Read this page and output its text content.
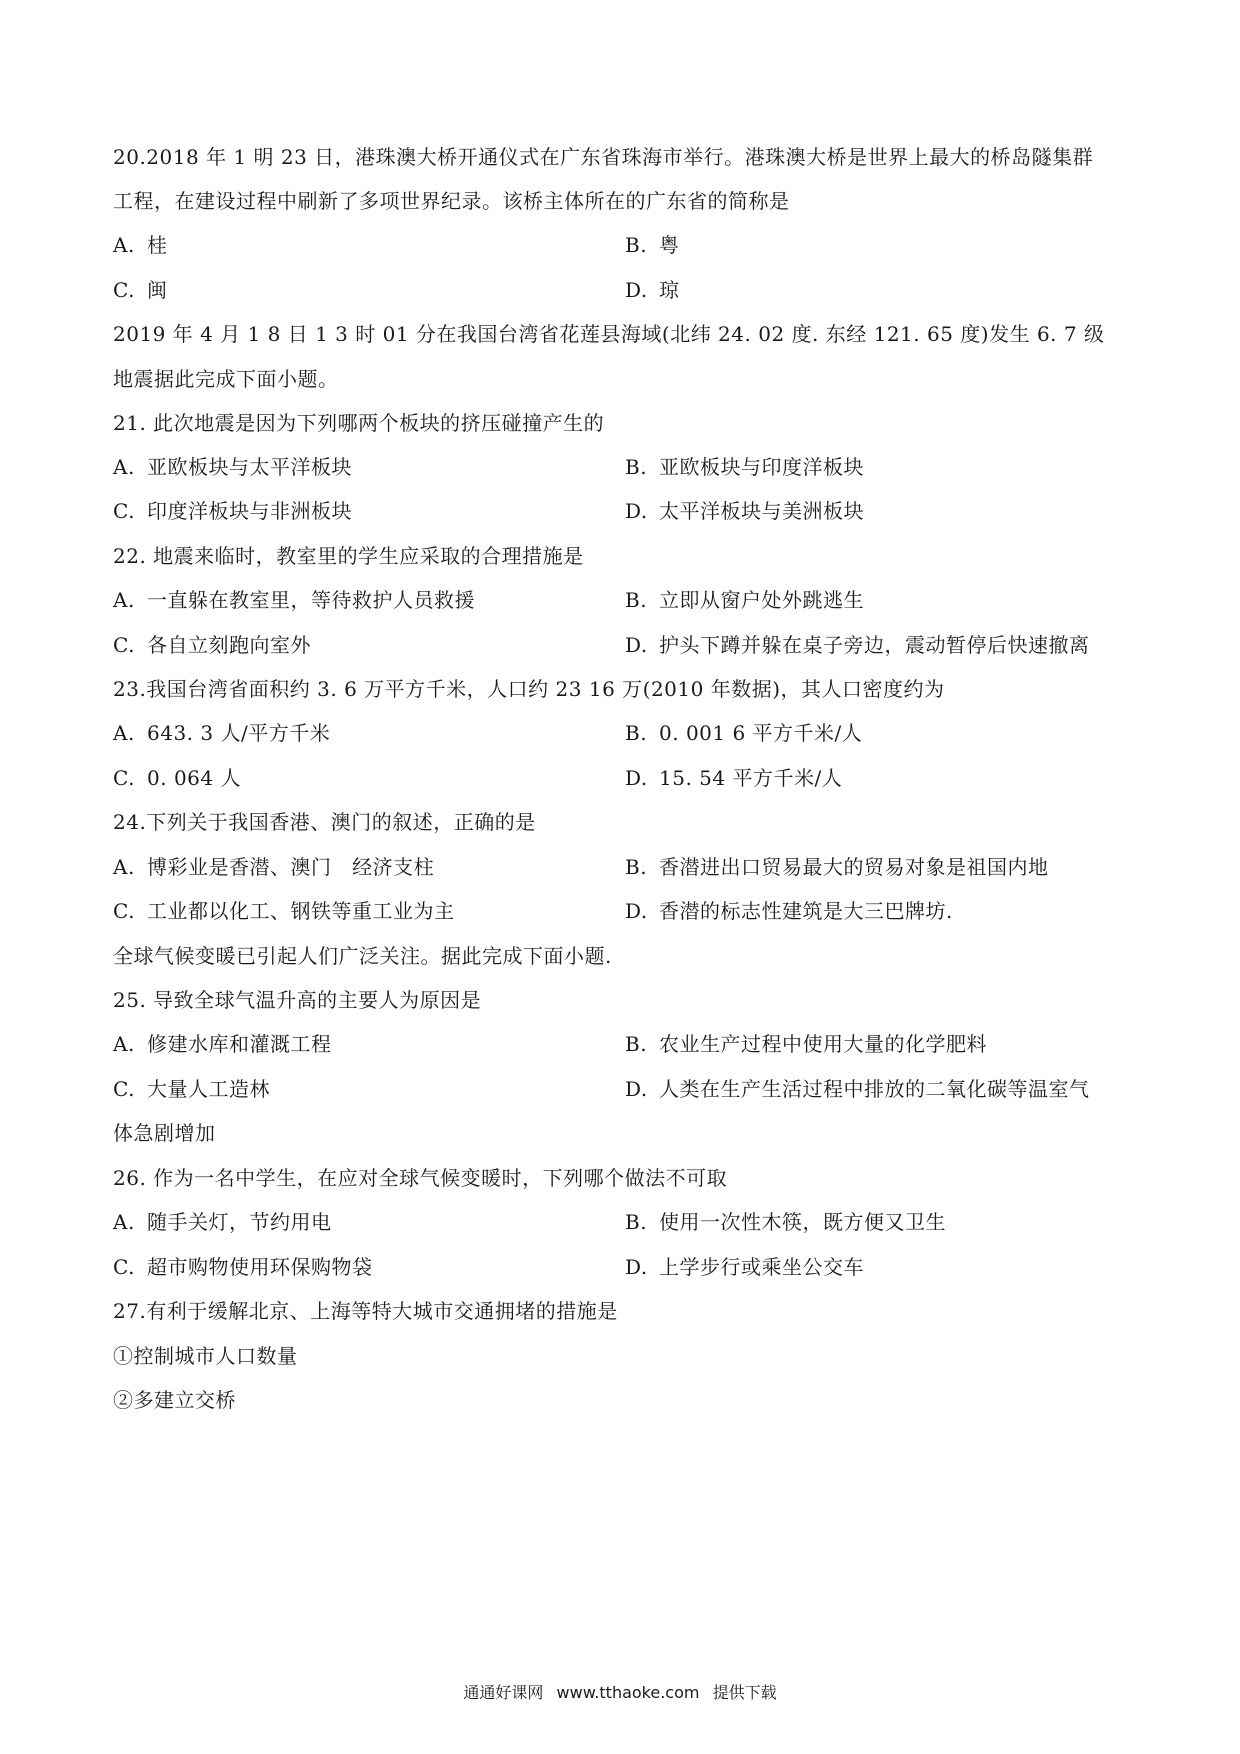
20.2018 年 1 明 23 日，港珠澳大桥开通仪式在广东省珠海市举行。港珠澳大桥是世界上最大的桥岛隧集群
工程，在建设过程中刷新了多项世界纪录。该桥主体所在的广东省的简称是
A. 桂	B. 粤
C. 闽	D. 琼
2019 年 4 月 1 8 日 1 3 时 01 分在我国台湾省花莲县海域(北纬 24. 02 度. 东经 121. 65 度)发生 6. 7 级
地震据此完成下面小题。
21. 此次地震是因为下列哪两个板块的挤压碰撞产生的
A. 亚欧板块与太平洋板块	B. 亚欧板块与印度洋板块
C. 印度洋板块与非洲板块	D. 太平洋板块与美洲板块
22. 地震来临时，教室里的学生应采取的合理措施是
A. 一直躲在教室里，等待救护人员救援	B. 立即从窗户处外跳逃生
C. 各自立刻跑向室外	D. 护头下蹲并躲在桌子旁边，震动暂停后快速撤离
23.我国台湾省面积约 3. 6 万平方千米，人口约 23 16 万(2010 年数据)，其人口密度约为
A. 643. 3 人/平方千米	B. 0. 001 6 平方千米/人
C. 0. 064 人	D. 15. 54 平方千米/人
24.下列关于我国香港、澳门的叙述，正确的是
A. 博彩业是香潜、澳门   经济支柱	B. 香潜进出口贸易最大的贸易对象是祖国内地
C. 工业都以化工、钢铁等重工业为主	D. 香潜的标志性建筑是大三巴牌坊.
全球气候变暖已引起人们广泛关注。据此完成下面小题.
25. 导致全球气温升高的主要人为原因是
A. 修建水库和灌溉工程	B. 农业生产过程中使用大量的化学肥料
C. 大量人工造林	D. 人类在生产生活过程中排放的二氧化碳等温室气
体急剧增加
26. 作为一名中学生，在应对全球气候变暖时，下列哪个做法不可取
A. 随手关灯，节约用电	B. 使用一次性木筷，既方便又卫生
C. 超市购物使用环保购物袋	D. 上学步行或乘坐公交车
27.有利于缓解北京、上海等特大城市交通拥堵的措施是
①控制城市人口数量
②多建立交桥
通通好课网 www.tthaoke.com 提供下载
